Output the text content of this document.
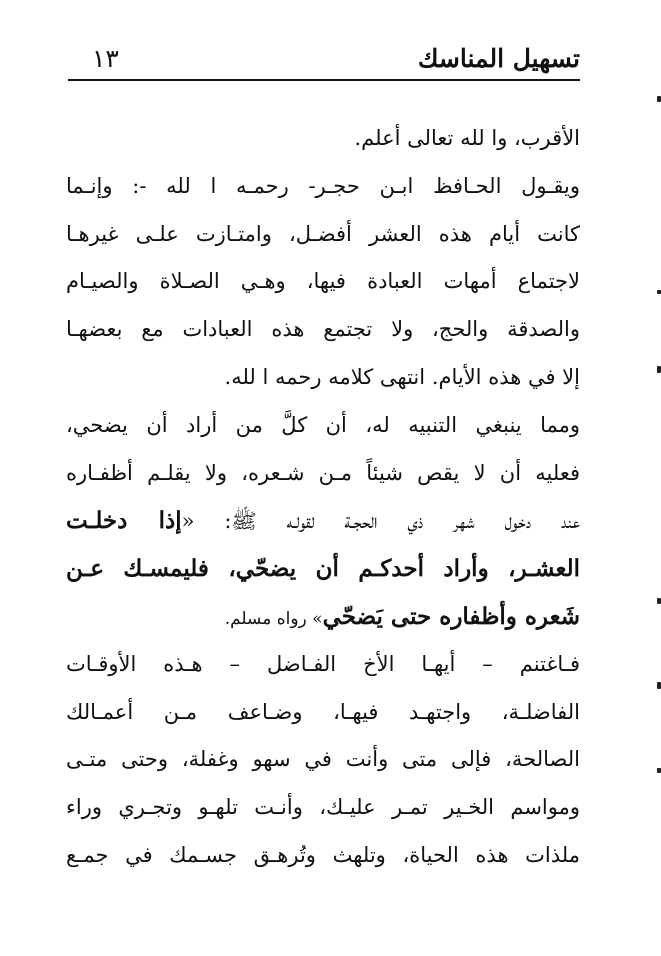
تسهيل المناسك
١٣
الأقرب، وا لله تعالى أعلم.
ويقـول الحـافظ ابـن حجـر- رحمـه ا لله -: وإنـما
كانت أيام هذه العشر أفضـل، وامتـازت علـى غيرهـا
لاجتماع أمهات العبادة فيها، وهـي الصـلاة والصيـام
والصدقة والحج، ولا تجتمع هذه العبادات مع بعضهـا
إلا في هذه الأيام. انتهى كلامه رحمه ا لله.
ومما ينبغي التنبيه له، أن كلَّ من أراد أن يضحي،
فعليه أن لا يقص شيئاً مـن شـعره، ولا يقلـم أظفـاره
عند دخول شهر ذي الحجـة لقولـه ﷺ: «إذا دخلـت
العشـر، وأراد أحدكـم أن يضحّي، فليمسـك عـن
شَعره وأظفاره حتى يَضحّي» رواه مسلم.
فـاغتنم – أيهـا الأخ الفـاضل – هـذه الأوقـات
الفاضلـة، واجتهـد فيهـا، وضـاعف مـن أعمـالك
الصالحة، فإلى متى وأنت في سهو وغفلة، وحتى متـى
ومواسم الخـير تمـر عليـك، وأنـت تلهـو وتجـري وراء
ملذات هذه الحياة، وتلهث وتُرهـق جسـمك في جمـع
